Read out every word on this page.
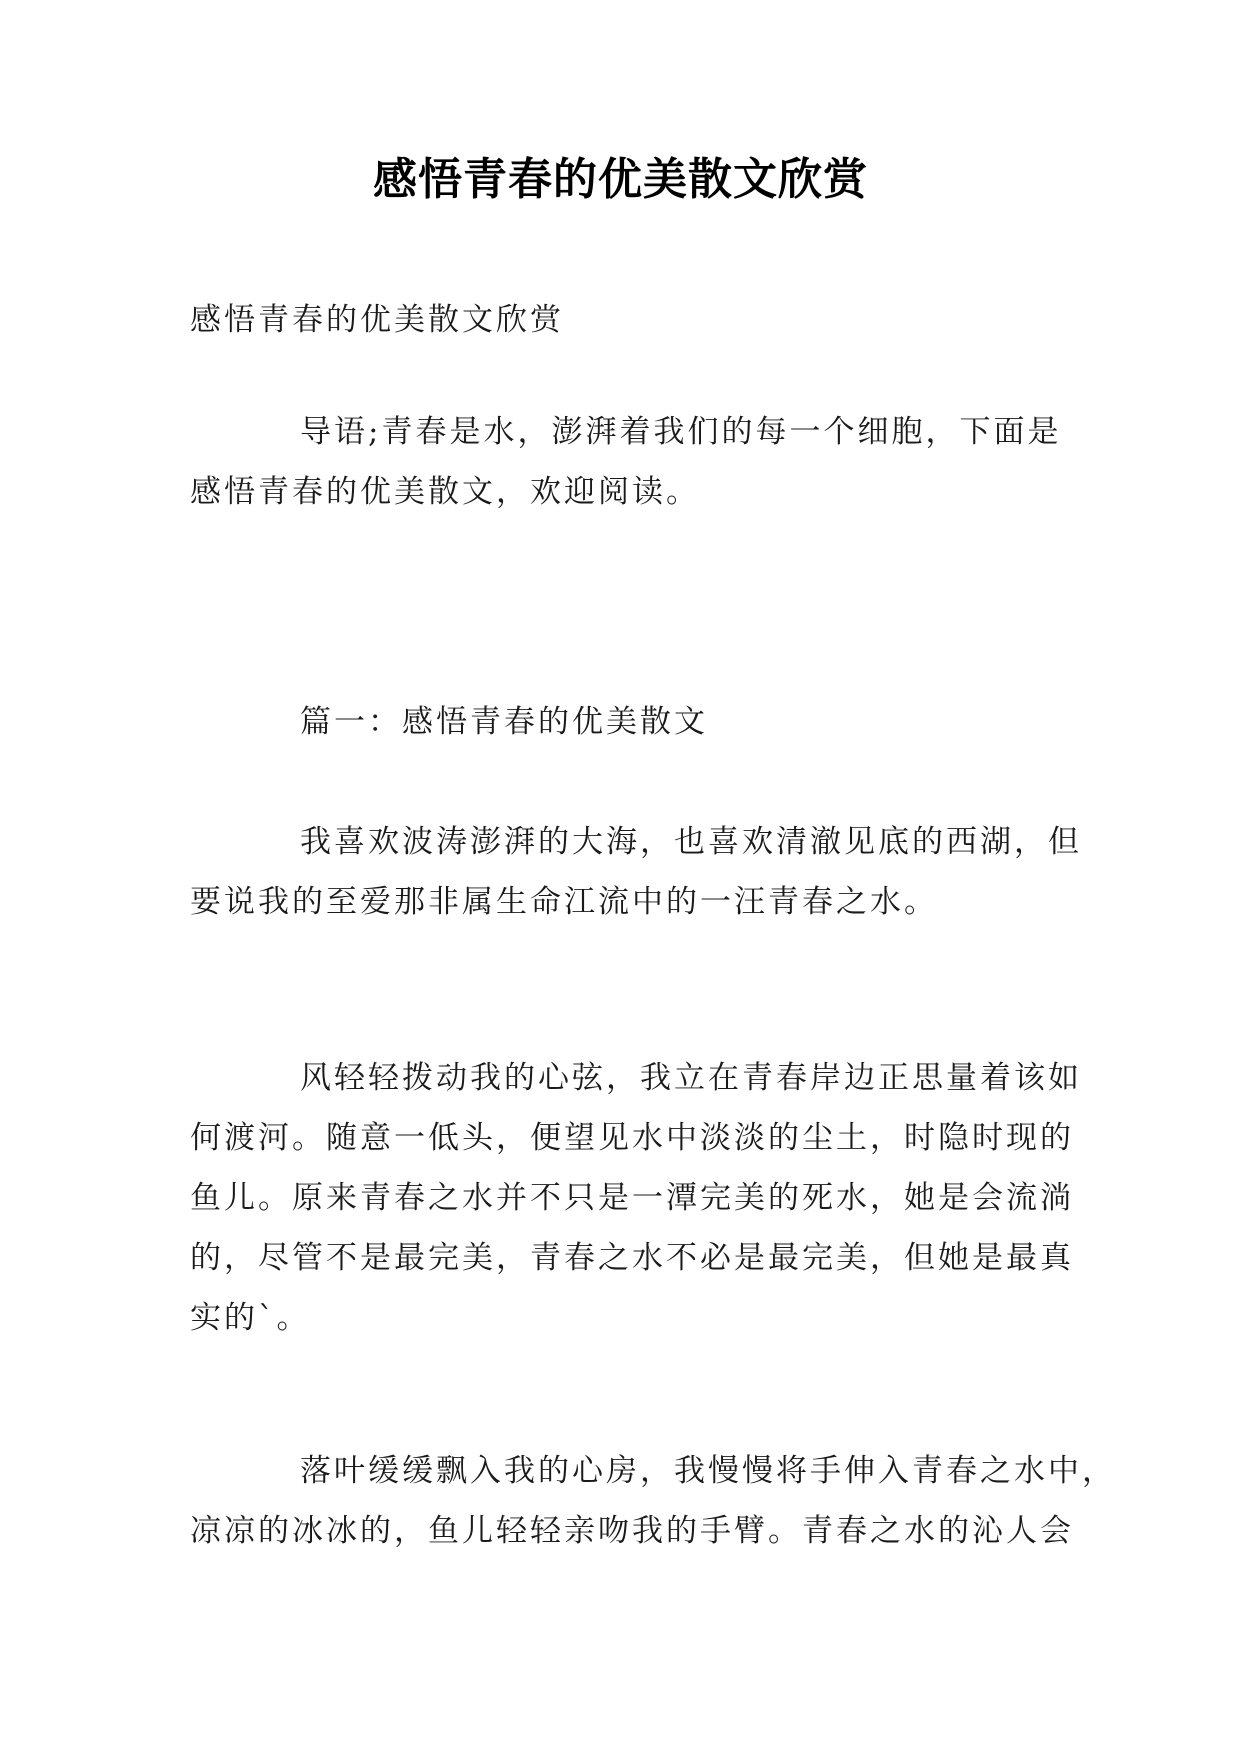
感悟青春的优美散文欣赏
感悟青春的优美散文欣赏
导语;青春是水，澎湃着我们的每一个细胞，下面是
感悟青春的优美散文，欢迎阅读。
篇一：感悟青春的优美散文
我喜欢波涛澎湃的大海，也喜欢清澈见底的西湖，但
要说我的至爱那非属生命江流中的一汪青春之水。
风轻轻拨动我的心弦，我立在青春岸边正思量着该如
何渡河。随意一低头，便望见水中淡淡的尘土，时隐时现的
鱼儿。原来青春之水并不只是一潭完美的死水，她是会流淌
的，尽管不是最完美，青春之水不必是最完美，但她是最真
实的`。
落叶缓缓飘入我的心房，我慢慢将手伸入青春之水中，
凉凉的冰冰的，鱼儿轻轻亲吻我的手臂。青春之水的沁人会
